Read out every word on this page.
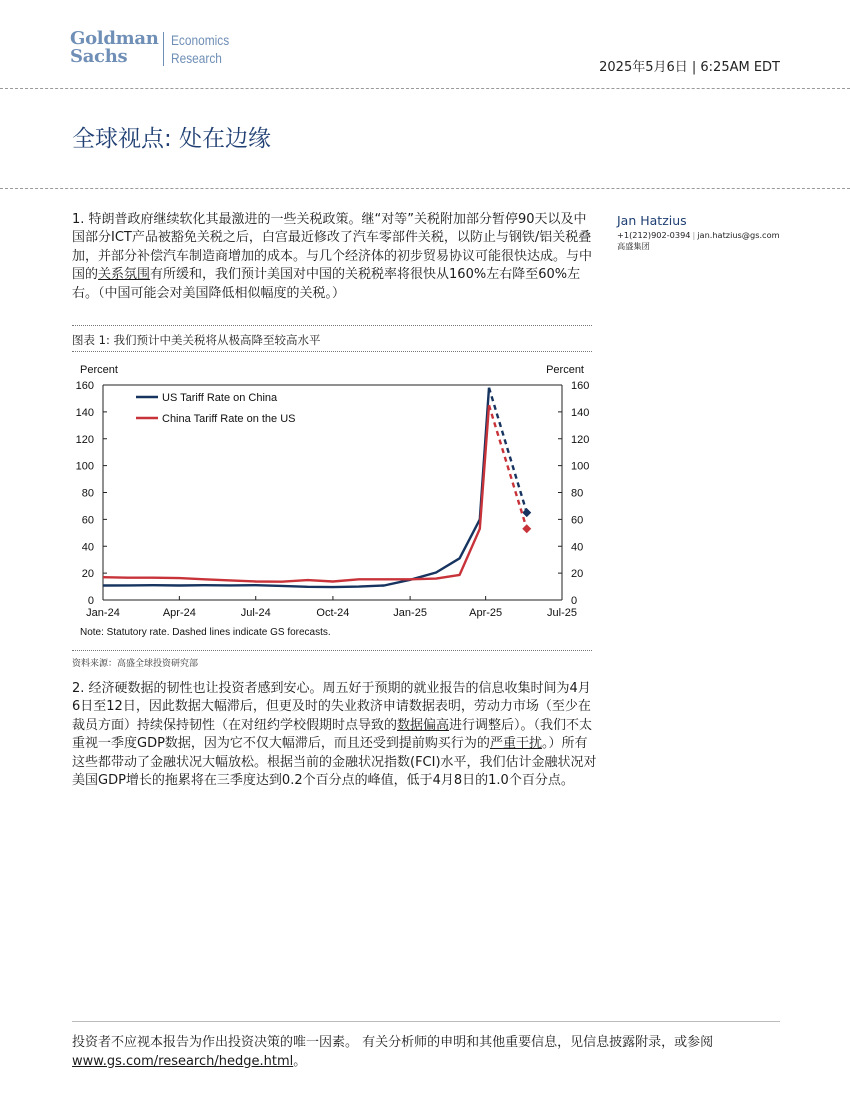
Goldman
Sachs
Economics
Research
2025年5月6日 | 6:25AM EDT
全球视点: 处在边缘
Jan Hatzius
+1(212)902-0394 | jan.hatzius@gs.com
高盛集团
1. 特朗普政府继续软化其最激进的一些关税政策。继“对等”关税附加部分暂停90天以及中国部分ICT产品被豁免关税之后，白宫最近修改了汽车零部件关税，以防止与钢铁/铝关税叠加，并部分补偿汽车制造商增加的成本。与几个经济体的初步贸易协议可能很快达成。与中国的关系氛围有所缓和，我们预计美国对中国的关税税率将很快从160%左右降至60%左右。（中国可能会对美国降低相似幅度的关税。）
图表 1: 我们预计中美关税将从极高降至较高水平
Percent	Percent
0	0
20	20
40	40
60	60
80	80
100	100
120	120
140	140
160	160
Jan-24	Apr-24	Jul-24	Oct-24	Jan-25	Apr-25	Jul-25
US Tariff Rate on China
China Tariff Rate on the US
Note: Statutory rate. Dashed lines indicate GS forecasts.
资料来源：高盛全球投资研究部
2. 经济硬数据的韧性也让投资者感到安心。周五好于预期的就业报告的信息收集时间为4月6日至12日，因此数据大幅滞后，但更及时的失业救济申请数据表明，劳动力市场（至少在裁员方面）持续保持韧性（在对纽约学校假期时点导致的数据偏高进行调整后）。（我们不太重视一季度GDP数据，因为它不仅大幅滞后，而且还受到提前购买行为的严重干扰。）所有这些都带动了金融状况大幅放松。根据当前的金融状况指数(FCI)水平，我们估计金融状况对美国GDP增长的拖累将在三季度达到0.2个百分点的峰值，低于4月8日的1.0个百分点。
投资者不应视本报告为作出投资决策的唯一因素。 有关分析师的申明和其他重要信息，见信息披露附录，或参阅www.gs.com/research/hedge.html。
